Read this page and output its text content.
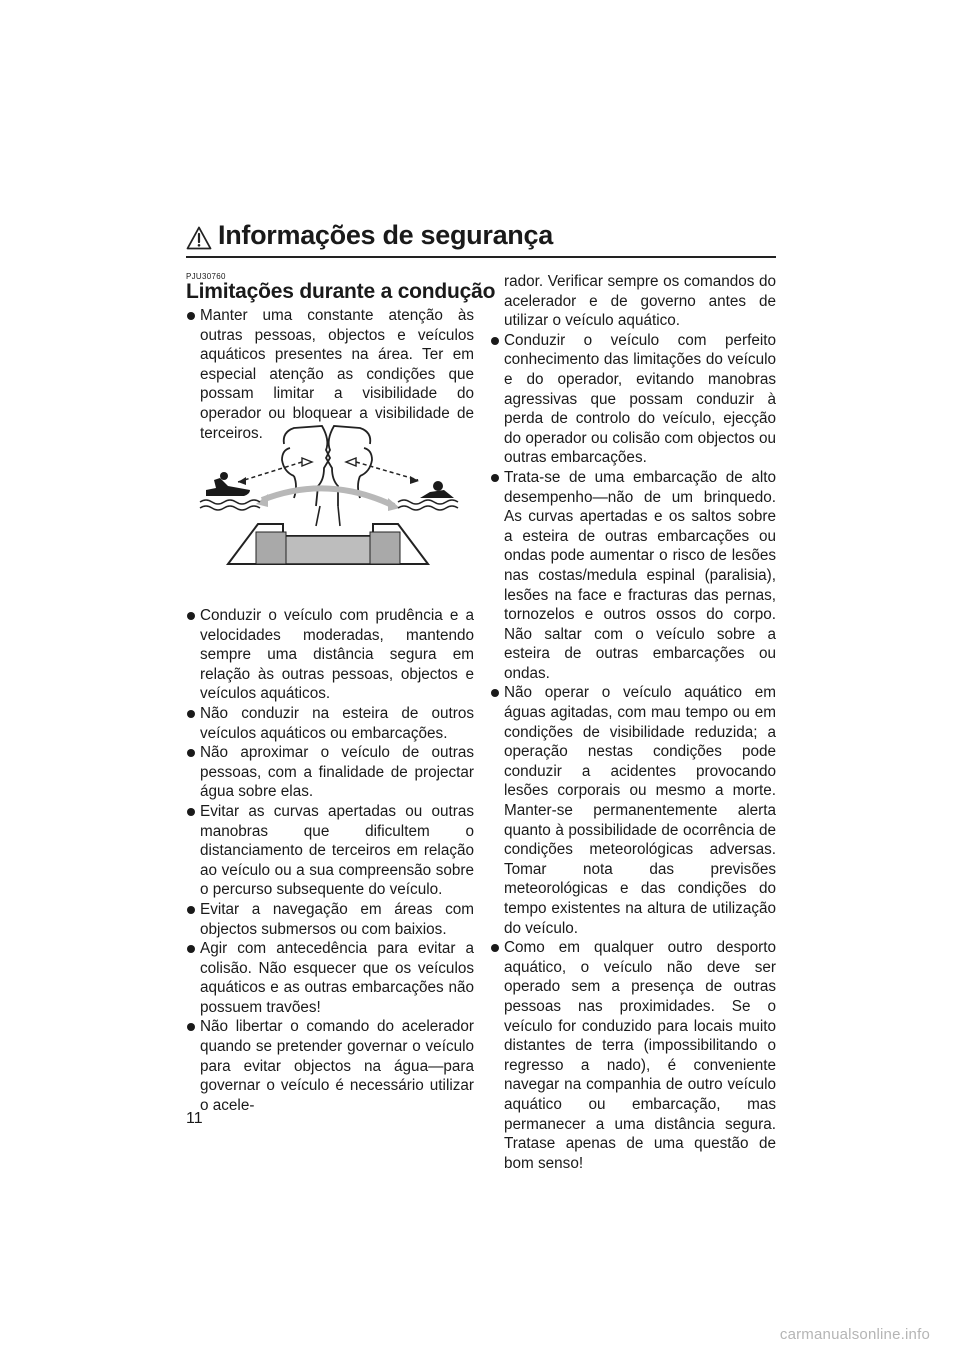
Informações de segurança
PJU30760
Limitações durante a condução
Manter uma constante atenção às outras pessoas, objectos e veículos aquáticos presentes na área. Ter em especial atenção as condições que possam limitar a visibilidade do operador ou bloquear a visibilidade de terceiros.
Conduzir o veículo com prudência e a velocidades moderadas, mantendo sempre uma distância segura em relação às outras pessoas, objectos e veículos aquáticos.
Não conduzir na esteira de outros veículos aquáticos ou embarcações.
Não aproximar o veículo de outras pessoas, com a finalidade de projectar água sobre elas.
Evitar as curvas apertadas ou outras manobras que dificultem o distanciamento de terceiros em relação ao veículo ou a sua compreensão sobre o percurso subsequente do veículo.
Evitar a navegação em áreas com objectos submersos ou com baixios.
Agir com antecedência para evitar a colisão. Não esquecer que os veículos aquáticos e as outras embarcações não possuem travões!
Não libertar o comando do acelerador quando se pretender governar o veículo para evitar objectos na água—para governar o veículo é necessário utilizar o acele-

rador. Verificar sempre os comandos do acelerador e de governo antes de utilizar o veículo aquático.

Conduzir o veículo com perfeito conhecimento das limitações do veículo e do operador, evitando manobras agressivas que possam conduzir à perda de controlo do veículo, ejecção do operador ou colisão com objectos ou outras embarcações.
Trata-se de uma embarcação de alto desempenho—não de um brinquedo. As curvas apertadas e os saltos sobre a esteira de outras embarcações ou ondas pode aumentar o risco de lesões nas costas/medula espinal (paralisia), lesões na face e fracturas das pernas, tornozelos e outros ossos do corpo. Não saltar com o veículo sobre a esteira de outras embarcações ou ondas.
Não operar o veículo aquático em águas agitadas, com mau tempo ou em condições de visibilidade reduzida; a operação nestas condições pode conduzir a acidentes provocando lesões corporais ou mesmo a morte. Manter-se permanentemente alerta quanto à possibilidade de ocorrência de condições meteorológicas adversas. Tomar nota das previsões meteorológicas e das condições do tempo existentes na altura de utilização do veículo.
Como em qualquer outro desporto aquático, o veículo não deve ser operado sem a presença de outras pessoas nas proximidades. Se o veículo for conduzido para locais muito distantes de terra (impossibilitando o regresso a nado), é conveniente navegar na companhia de outro veículo aquático ou embarcação, mas permanecer a uma distância segura. Tratase apenas de uma questão de bom senso!
11
carmanualsonline.info
